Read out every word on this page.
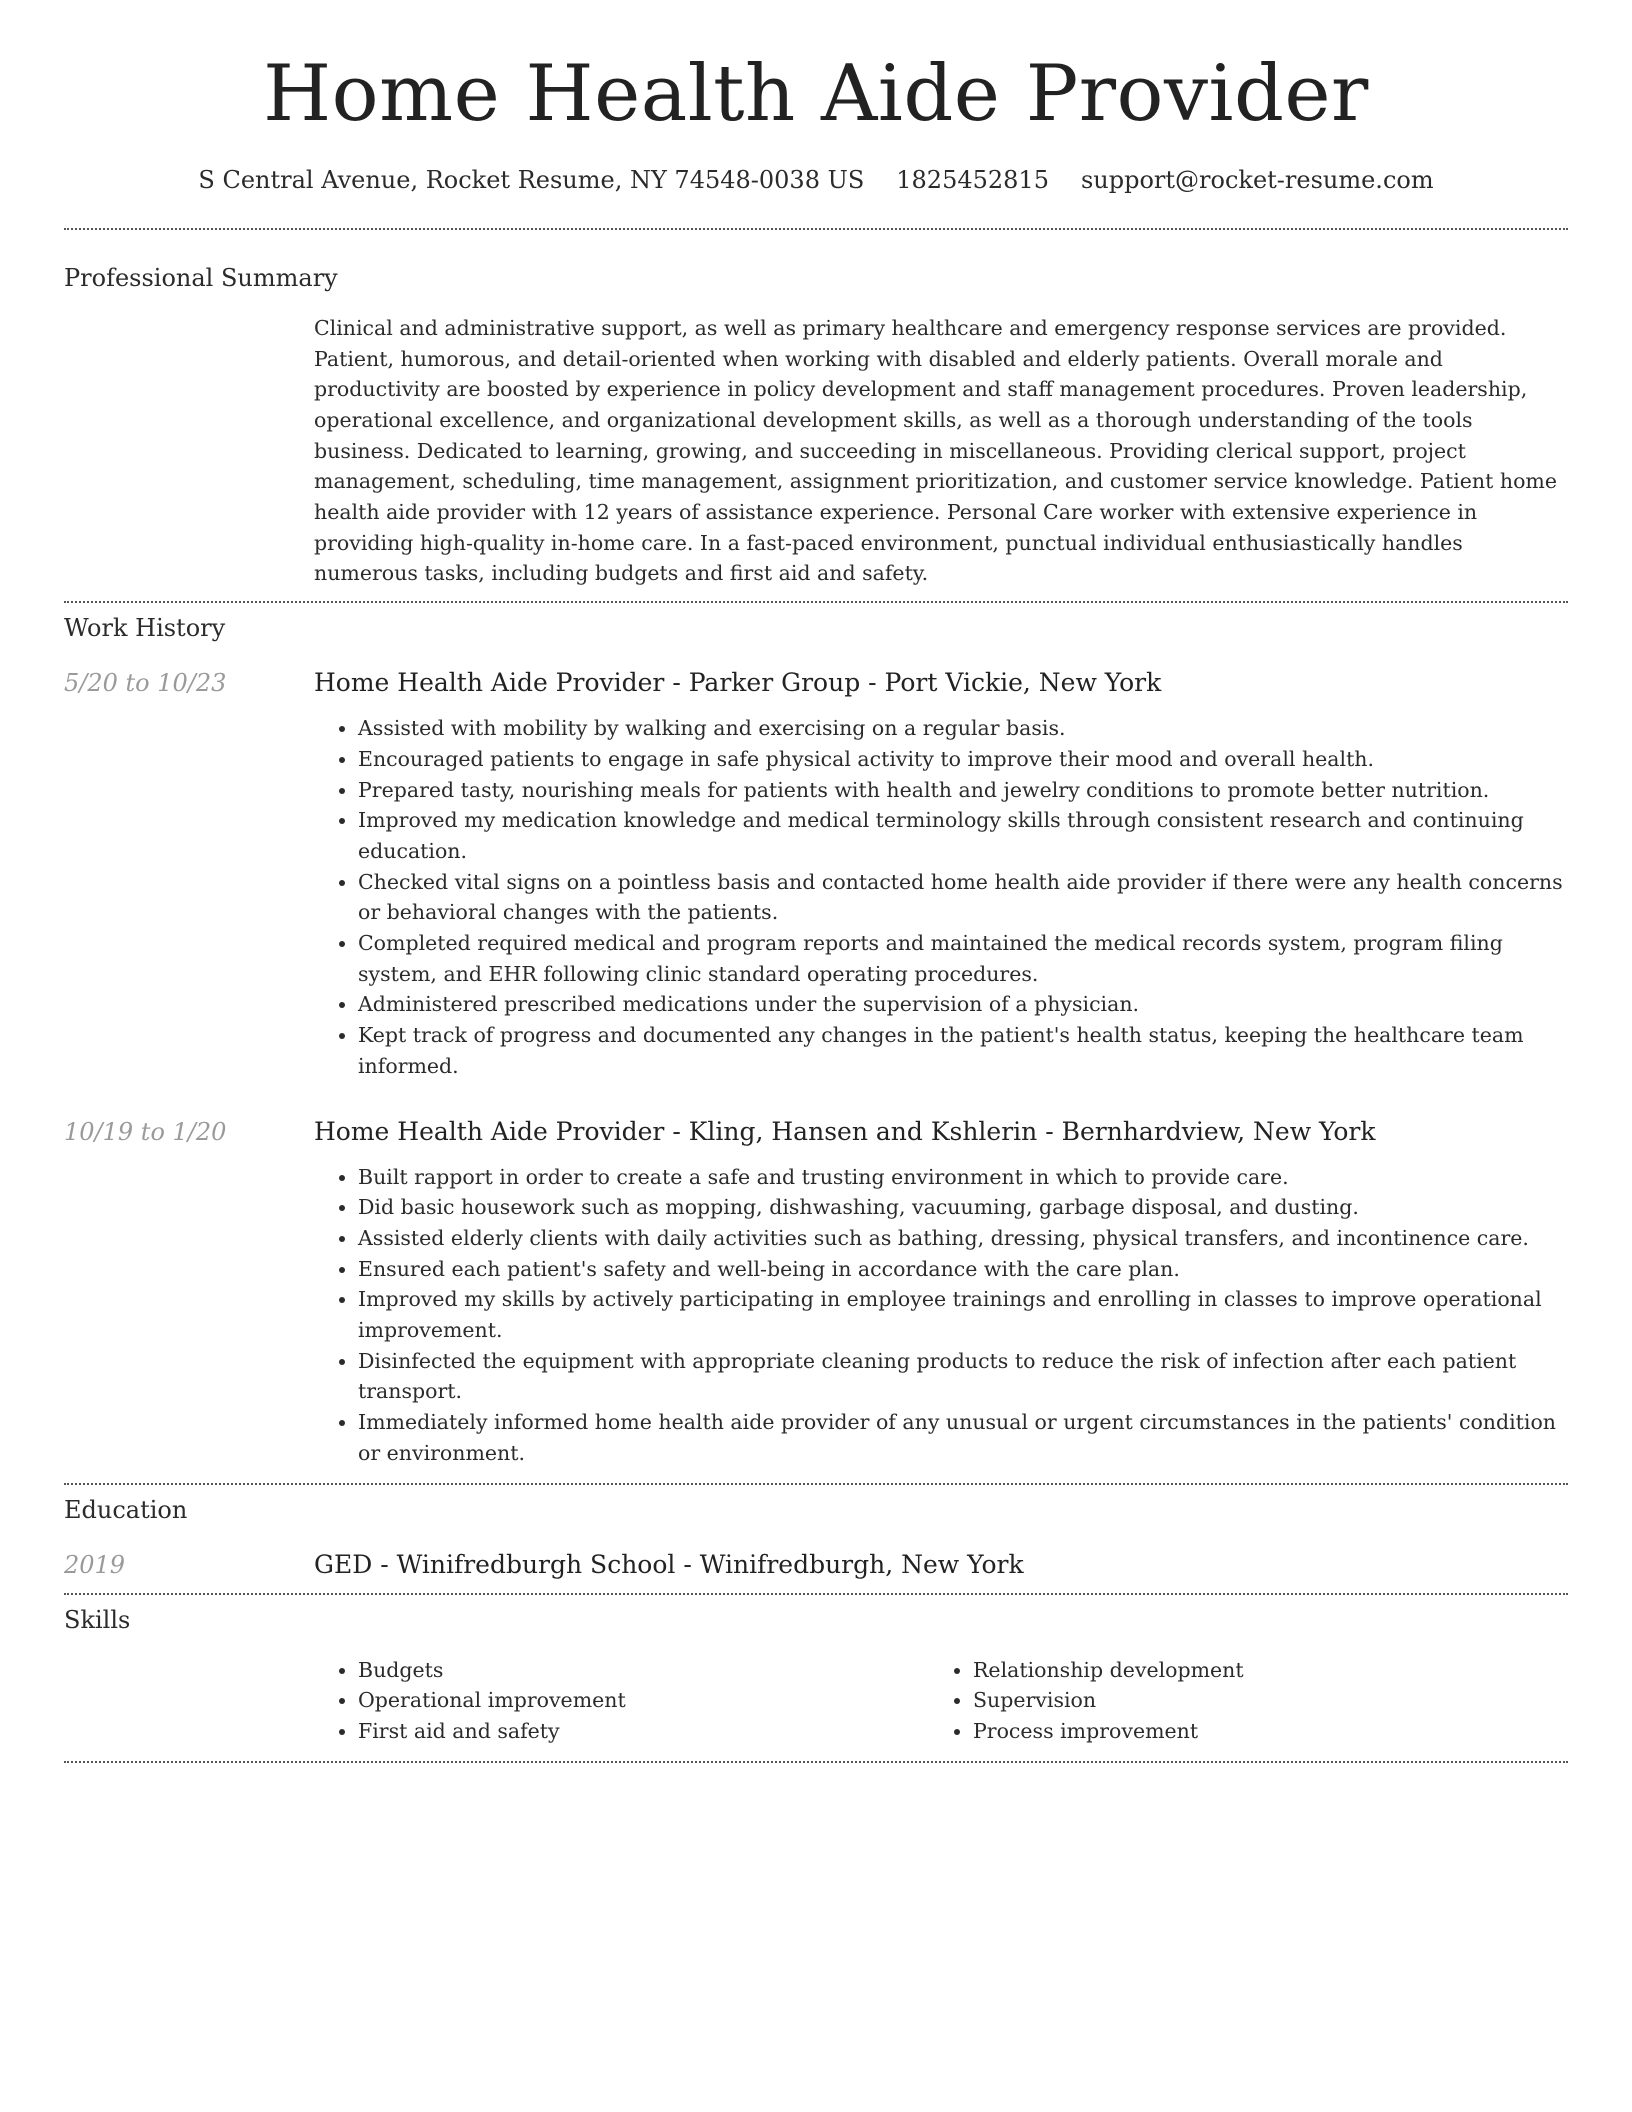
Home Health Aide Provider
S Central Avenue, Rocket Resume, NY 74548-0038 US 1825452815 support@rocket-resume.com
Professional Summary

Clinical and administrative support, as well as primary healthcare and emergency response services are provided. Patient, humorous, and detail-oriented when working with disabled and elderly patients. Overall morale and productivity are boosted by experience in policy development and staff management procedures. Proven leadership, operational excellence, and organizational development skills, as well as a thorough understanding of the tools business. Dedicated to learning, growing, and succeeding in miscellaneous. Providing clerical support, project management, scheduling, time management, assignment prioritization, and customer service knowledge. Patient home health aide provider with 12 years of assistance experience. Personal Care worker with extensive experience in providing high-quality in-home care. In a fast-paced environment, punctual individual enthusiastically handles numerous tasks, including budgets and first aid and safety.

Work History
5/20 to 10/23	Home Health Aide Provider - Parker Group - Port Vickie, New York
• Assisted with mobility by walking and exercising on a regular basis.
• Encouraged patients to engage in safe physical activity to improve their mood and overall health.
• Prepared tasty, nourishing meals for patients with health and jewelry conditions to promote better nutrition.
• Improved my medication knowledge and medical terminology skills through consistent research and continuing education.
• Checked vital signs on a pointless basis and contacted home health aide provider if there were any health concerns or behavioral changes with the patients.
• Completed required medical and program reports and maintained the medical records system, program filing system, and EHR following clinic standard operating procedures.
• Administered prescribed medications under the supervision of a physician.
• Kept track of progress and documented any changes in the patient's health status, keeping the healthcare team informed.
10/19 to 1/20	Home Health Aide Provider - Kling, Hansen and Kshlerin - Bernhardview, New York
• Built rapport in order to create a safe and trusting environment in which to provide care.
• Did basic housework such as mopping, dishwashing, vacuuming, garbage disposal, and dusting.
• Assisted elderly clients with daily activities such as bathing, dressing, physical transfers, and incontinence care.
• Ensured each patient's safety and well-being in accordance with the care plan.
• Improved my skills by actively participating in employee trainings and enrolling in classes to improve operational improvement.
• Disinfected the equipment with appropriate cleaning products to reduce the risk of infection after each patient transport.
• Immediately informed home health aide provider of any unusual or urgent circumstances in the patients' condition or environment.
Education
2019	GED - Winifredburgh School - Winifredburgh, New York
Skills
• Budgets
• Operational improvement
• First aid and safety
• Relationship development
• Supervision
• Process improvement
